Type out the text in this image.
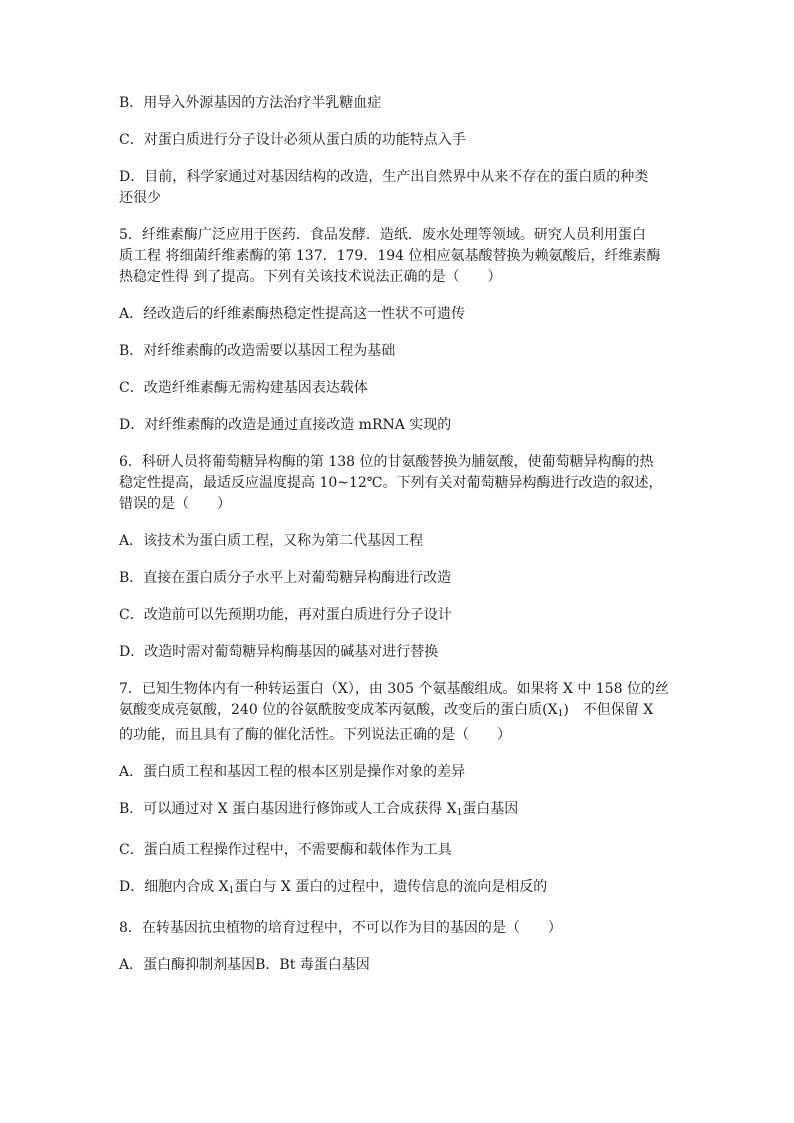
B．用导入外源基因的方法治疗半乳糖血症
C．对蛋白质进行分子设计必须从蛋白质的功能特点入手
D．目前，科学家通过对基因结构的改造，生产出自然界中从来不存在的蛋白质的种类
还很少
5．纤维素酶广泛应用于医药．食品发酵．造纸．废水处理等领域。研究人员利用蛋白
质工程 将细菌纤维素酶的第 137．179．194 位相应氨基酸替换为赖氨酸后，纤维素酶
热稳定性得 到了提高。下列有关该技术说法正确的是（　　）
A．经改造后的纤维素酶热稳定性提高这一性状不可遗传
B．对纤维素酶的改造需要以基因工程为基础
C．改造纤维素酶无需构建基因表达载体
D．对纤维素酶的改造是通过直接改造 mRNA 实现的
6．科研人员将葡萄糖异构酶的第 138 位的甘氨酸替换为脯氨酸，使葡萄糖异构酶的热
稳定性提高，最适反应温度提高 10~12℃。下列有关对葡萄糖异构酶进行改造的叙述，
错误的是（　　）
A．该技术为蛋白质工程，又称为第二代基因工程
B．直接在蛋白质分子水平上对葡萄糖异构酶进行改造
C．改造前可以先预期功能，再对蛋白质进行分子设计
D．改造时需对葡萄糖异构酶基因的碱基对进行替换
7．已知生物体内有一种转运蛋白（X），由 305 个氨基酸组成。如果将 X 中 158 位的丝
氨酸变成亮氨酸，240 位的谷氨酰胺变成苯丙氨酸，改变后的蛋白质$(X_1)$　不但保留 X
的功能，而且具有了酶的催化活性。下列说法正确的是（　　）
A．蛋白质工程和基因工程的根本区别是操作对象的差异
B．可以通过对 X 蛋白基因进行修饰或人工合成获得 $X_1$蛋白基因
C．蛋白质工程操作过程中，不需要酶和载体作为工具
D．细胞内合成 $X_1$蛋白与 X 蛋白的过程中，遗传信息的流向是相反的
8．在转基因抗虫植物的培育过程中，不可以作为目的基因的是（　　）
A．蛋白酶抑制剂基因B．Bt 毒蛋白基因
